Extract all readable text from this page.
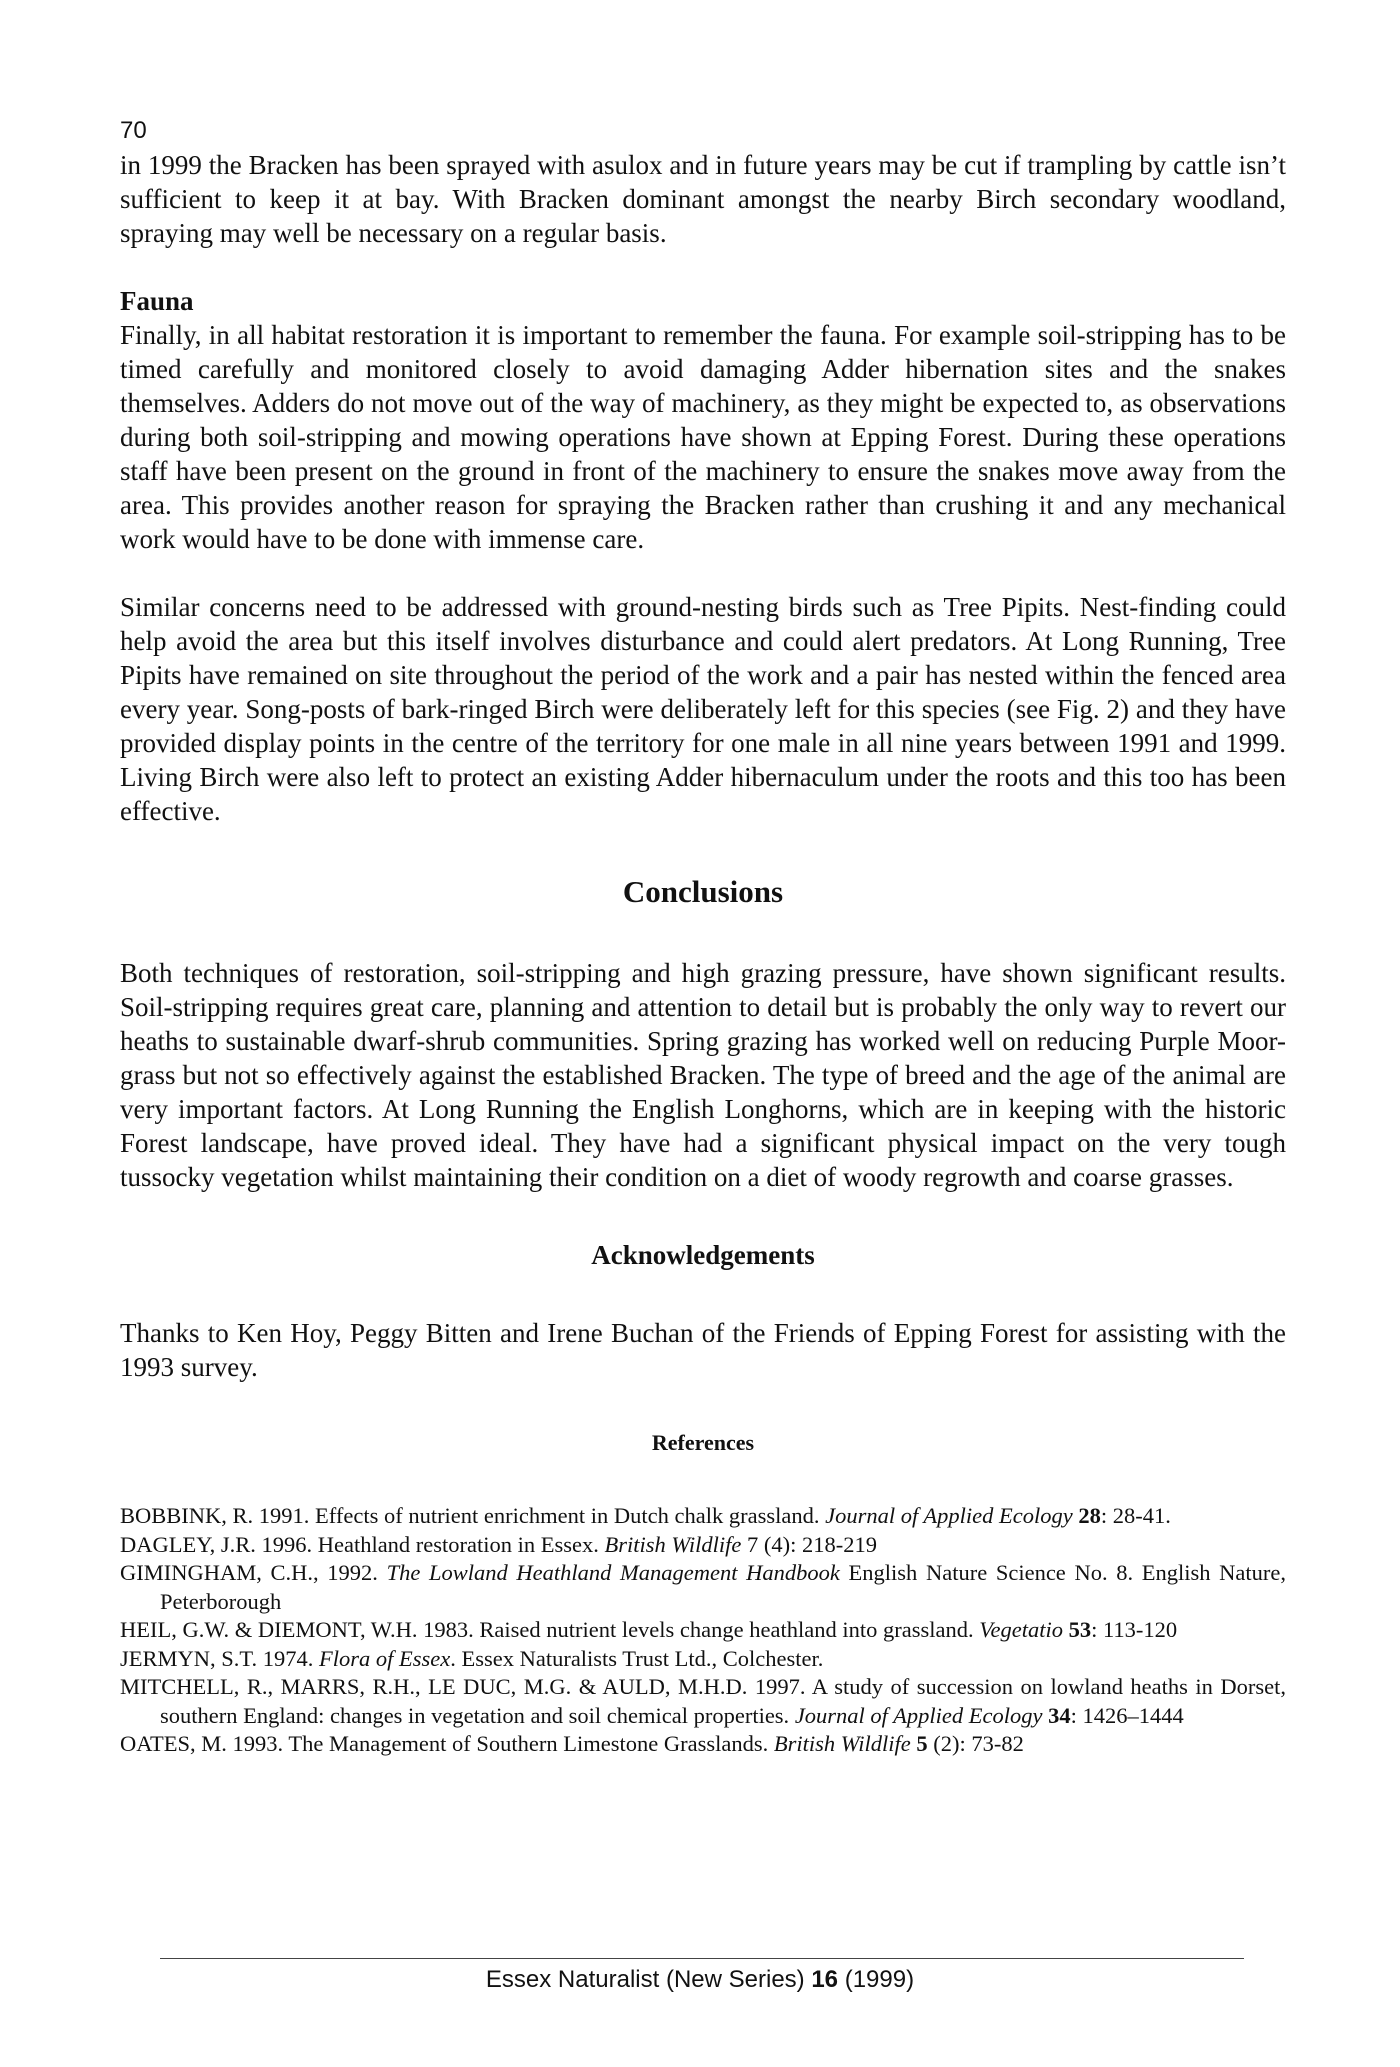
70

in 1999 the Bracken has been sprayed with asulox and in future years may be cut if trampling by cattle isn’t sufficient to keep it at bay. With Bracken dominant amongst the nearby Birch secondary woodland, spraying may well be necessary on a regular basis.

Fauna

Finally, in all habitat restoration it is important to remember the fauna. For example soil-stripping has to be timed carefully and monitored closely to avoid damaging Adder hibernation sites and the snakes themselves. Adders do not move out of the way of machinery, as they might be expected to, as observations during both soil-stripping and mowing operations have shown at Epping Forest. During these operations staff have been present on the ground in front of the machinery to ensure the snakes move away from the area. This provides another reason for spraying the Bracken rather than crushing it and any mechanical work would have to be done with immense care.

Similar concerns need to be addressed with ground-nesting birds such as Tree Pipits. Nest-finding could help avoid the area but this itself involves disturbance and could alert predators. At Long Running, Tree Pipits have remained on site throughout the period of the work and a pair has nested within the fenced area every year. Song-posts of bark-ringed Birch were deliberately left for this species (see Fig. 2) and they have provided display points in the centre of the territory for one male in all nine years between 1991 and 1999. Living Birch were also left to protect an existing Adder hibernaculum under the roots and this too has been effective.

Conclusions

Both techniques of restoration, soil-stripping and high grazing pressure, have shown significant results. Soil-stripping requires great care, planning and attention to detail but is probably the only way to revert our heaths to sustainable dwarf-shrub communities. Spring grazing has worked well on reducing Purple Moor-grass but not so effectively against the established Bracken. The type of breed and the age of the animal are very important factors. At Long Running the English Longhorns, which are in keeping with the historic Forest landscape, have proved ideal. They have had a significant physical impact on the very tough tussocky vegetation whilst maintaining their condition on a diet of woody regrowth and coarse grasses.

Acknowledgements

Thanks to Ken Hoy, Peggy Bitten and Irene Buchan of the Friends of Epping Forest for assisting with the 1993 survey.

References

BOBBINK, R. 1991. Effects of nutrient enrichment in Dutch chalk grassland. Journal of Applied Ecology 28: 28-41.

DAGLEY, J.R. 1996. Heathland restoration in Essex. British Wildlife 7 (4): 218-219

GIMINGHAM, C.H., 1992. The Lowland Heathland Management Handbook English Nature Science No. 8. English Nature, Peterborough

HEIL, G.W. & DIEMONT, W.H. 1983. Raised nutrient levels change heathland into grassland. Vegetatio 53: 113-120

JERMYN, S.T. 1974. Flora of Essex. Essex Naturalists Trust Ltd., Colchester.

MITCHELL, R., MARRS, R.H., LE DUC, M.G. & AULD, M.H.D. 1997. A study of succession on lowland heaths in Dorset, southern England: changes in vegetation and soil chemical properties. Journal of Applied Ecology 34: 1426–1444

OATES, M. 1993. The Management of Southern Limestone Grasslands. British Wildlife 5 (2): 73-82

Essex Naturalist (New Series) 16 (1999)
